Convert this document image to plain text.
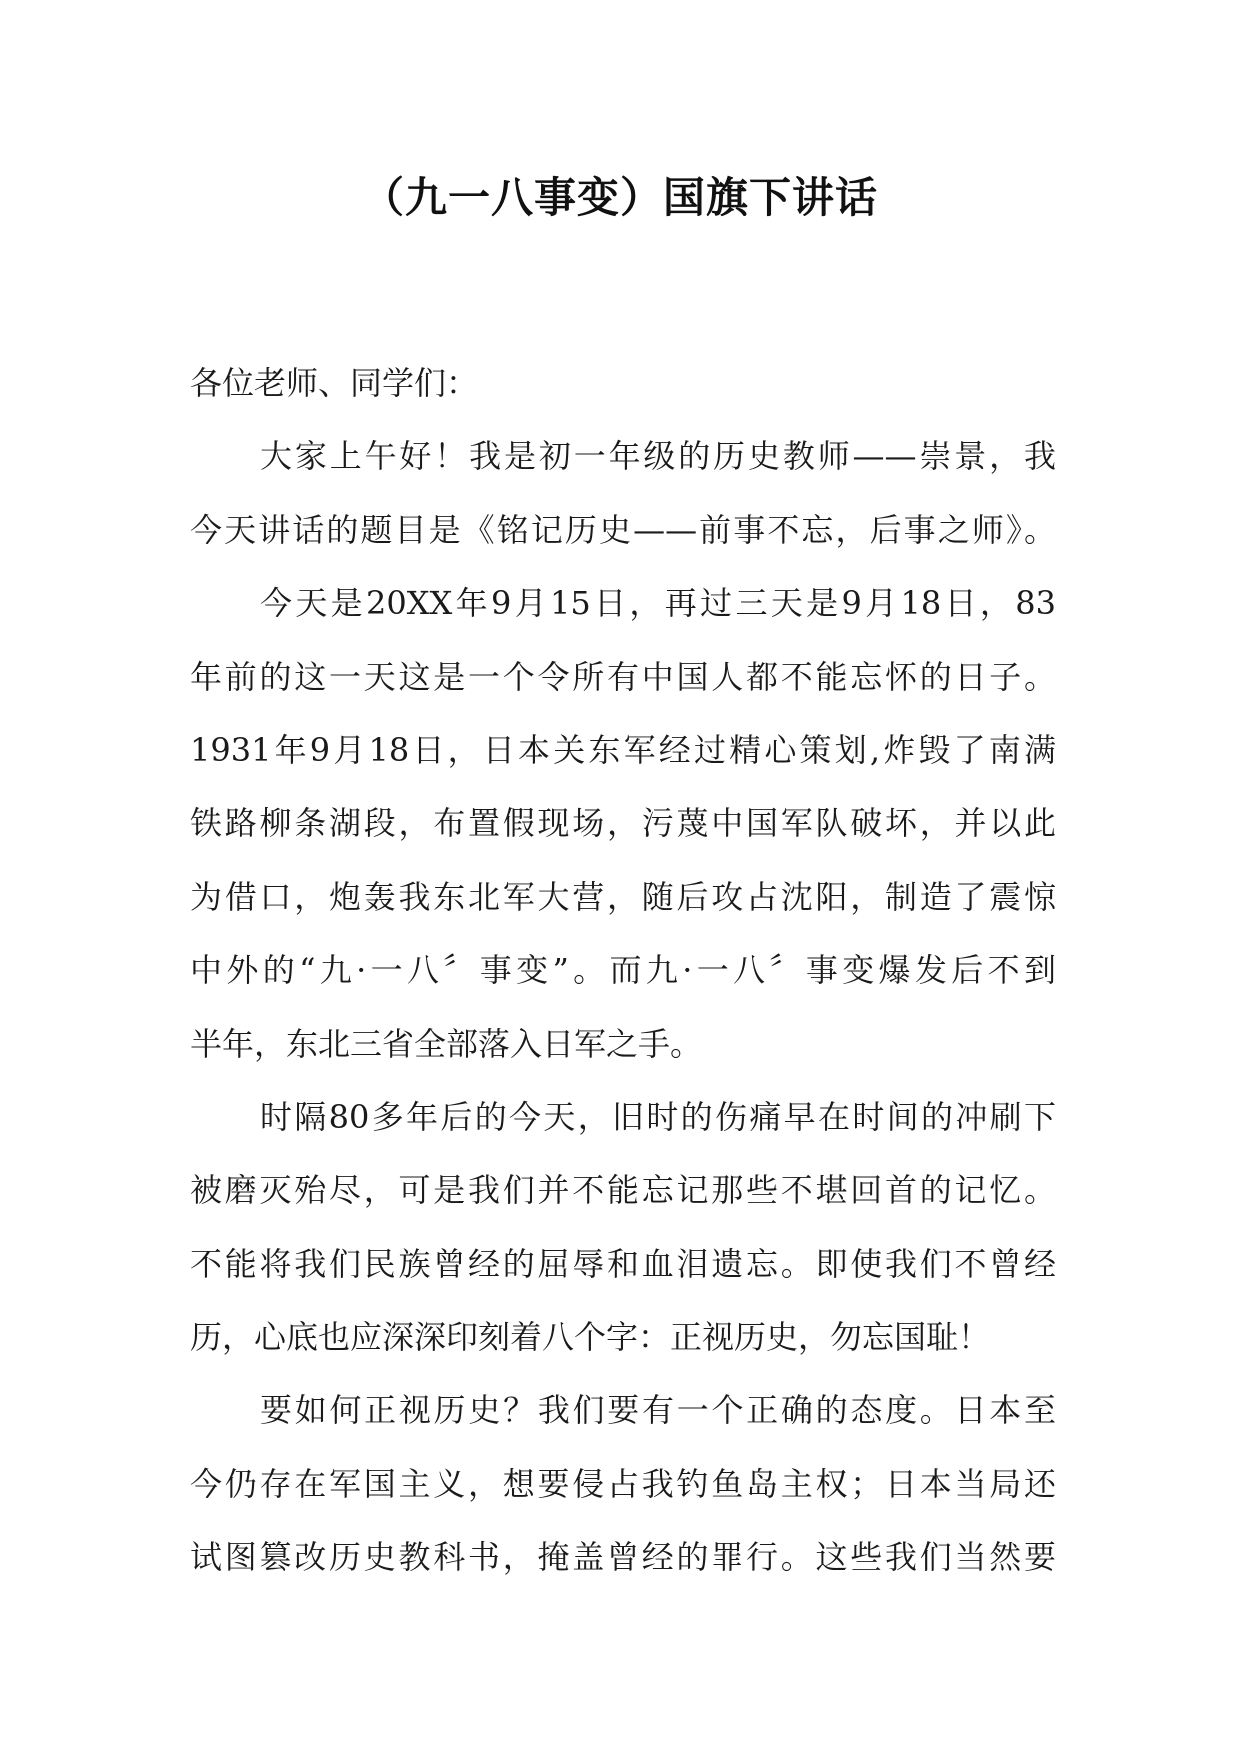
（九一八事变）国旗下讲话
各位老师、同学们：
大家上午好！我是初一年级的历史教师——崇景，我
今天讲话的题目是《铭记历史——前事不忘，后事之师》。
今天是20XX年9月15日，再过三天是9月18日，83
年前的这一天这是一个令所有中国人都不能忘怀的日子。
1931年9月18日，日本关东军经过精心策划,炸毁了南满
铁路柳条湖段，布置假现场，污蔑中国军队破坏，并以此
为借口，炮轰我东北军大营，随后攻占沈阳，制造了震惊
中外的“九·一八〞事变”。而九·一八〞事变爆发后不到
半年，东北三省全部落入日军之手。
时隔80多年后的今天，旧时的伤痛早在时间的冲刷下
被磨灭殆尽，可是我们并不能忘记那些不堪回首的记忆。
不能将我们民族曾经的屈辱和血泪遗忘。即使我们不曾经
历，心底也应深深印刻着八个字：正视历史，勿忘国耻！
要如何正视历史？我们要有一个正确的态度。日本至
今仍存在军国主义，想要侵占我钓鱼岛主权；日本当局还
试图篡改历史教科书，掩盖曾经的罪行。这些我们当然要
